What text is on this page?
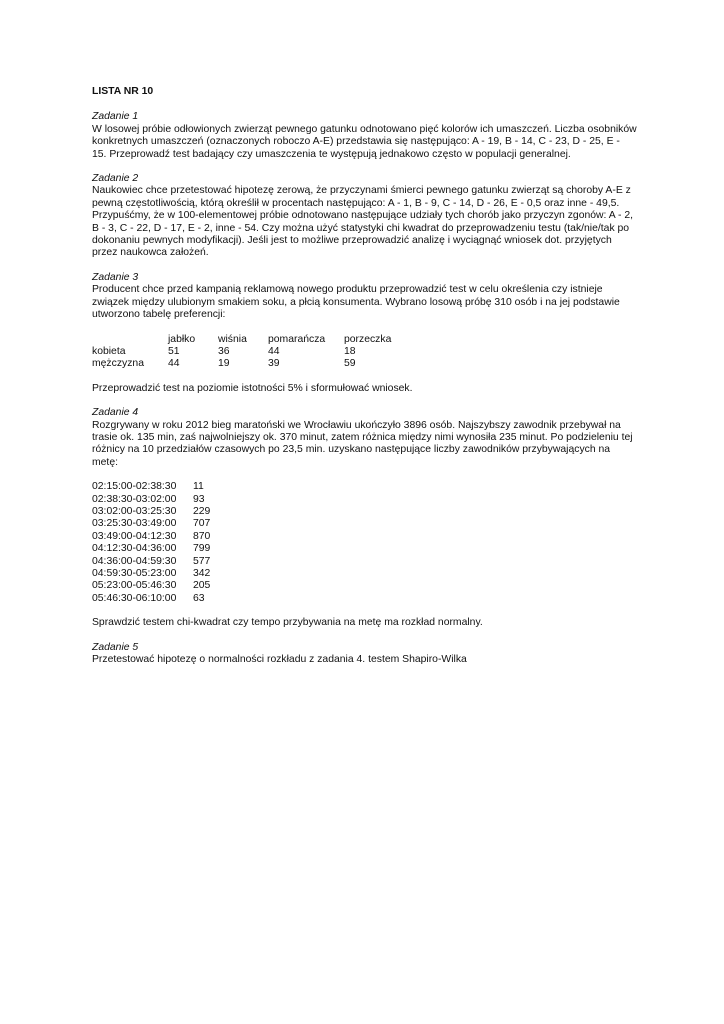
LISTA NR 10
Zadanie 1

W losowej próbie odłowionych zwierząt pewnego gatunku odnotowano pięć kolorów ich umaszczeń. Liczba osobników konkretnych umaszczeń (oznaczonych roboczo A-E) przedstawia się następująco: A - 19, B - 14, C - 23, D - 25, E - 15. Przeprowadź test badający czy umaszczenia te występują jednakowo często w populacji generalnej.

Zadanie 2

Naukowiec chce przetestować hipotezę zerową, że przyczynami śmierci pewnego gatunku zwierząt są choroby A-E z pewną częstotliwością, którą określił w procentach następująco: A - 1, B - 9, C - 14, D - 26, E - 0,5 oraz inne - 49,5. Przypuśćmy, że w 100-elementowej próbie odnotowano następujące udziały tych chorób jako przyczyn zgonów: A - 2, B - 3, C - 22, D - 17, E - 2, inne - 54. Czy można użyć statystyki chi kwadrat do przeprowadzeniu testu (tak/nie/tak po dokonaniu pewnych modyfikacji). Jeśli jest to możliwe przeprowadzić analizę i wyciągnąć wniosek dot. przyjętych przez naukowca założeń.

Zadanie 3

Producent chce przed kampanią reklamową nowego produktu przeprowadzić test w celu określenia czy istnieje związek między ulubionym smakiem soku, a płcią konsumenta. Wybrano losową próbę 310 osób i na jej podstawie utworzono tabelę preferencji:

	jabłko	wiśnia	pomarańcza	porzeczka
kobieta	51	36	44	18
mężczyzna	44	19	39	59

Przeprowadzić test na poziomie istotności 5% i sformułować wniosek.

Zadanie 4

Rozgrywany w roku 2012 bieg maratoński we Wrocławiu ukończyło 3896 osób. Najszybszy zawodnik przebywał na trasie ok. 135 min, zaś najwolniejszy ok. 370 minut, zatem różnica między nimi wynosiła 235 minut. Po podzieleniu tej różnicy na 10 przedziałów czasowych po 23,5 min. uzyskano następujące liczby zawodników przybywających na metę:

02:15:00-02:38:30	11
02:38:30-03:02:00	93
03:02:00-03:25:30	229
03:25:30-03:49:00	707
03:49:00-04:12:30	870
04:12:30-04:36:00	799
04:36:00-04:59:30	577
04:59:30-05:23:00	342
05:23:00-05:46:30	205
05:46:30-06:10:00	63

Sprawdzić testem chi-kwadrat czy tempo przybywania na metę ma rozkład normalny.

Zadanie 5

Przetestować hipotezę o normalności rozkładu z zadania 4. testem Shapiro-Wilka
